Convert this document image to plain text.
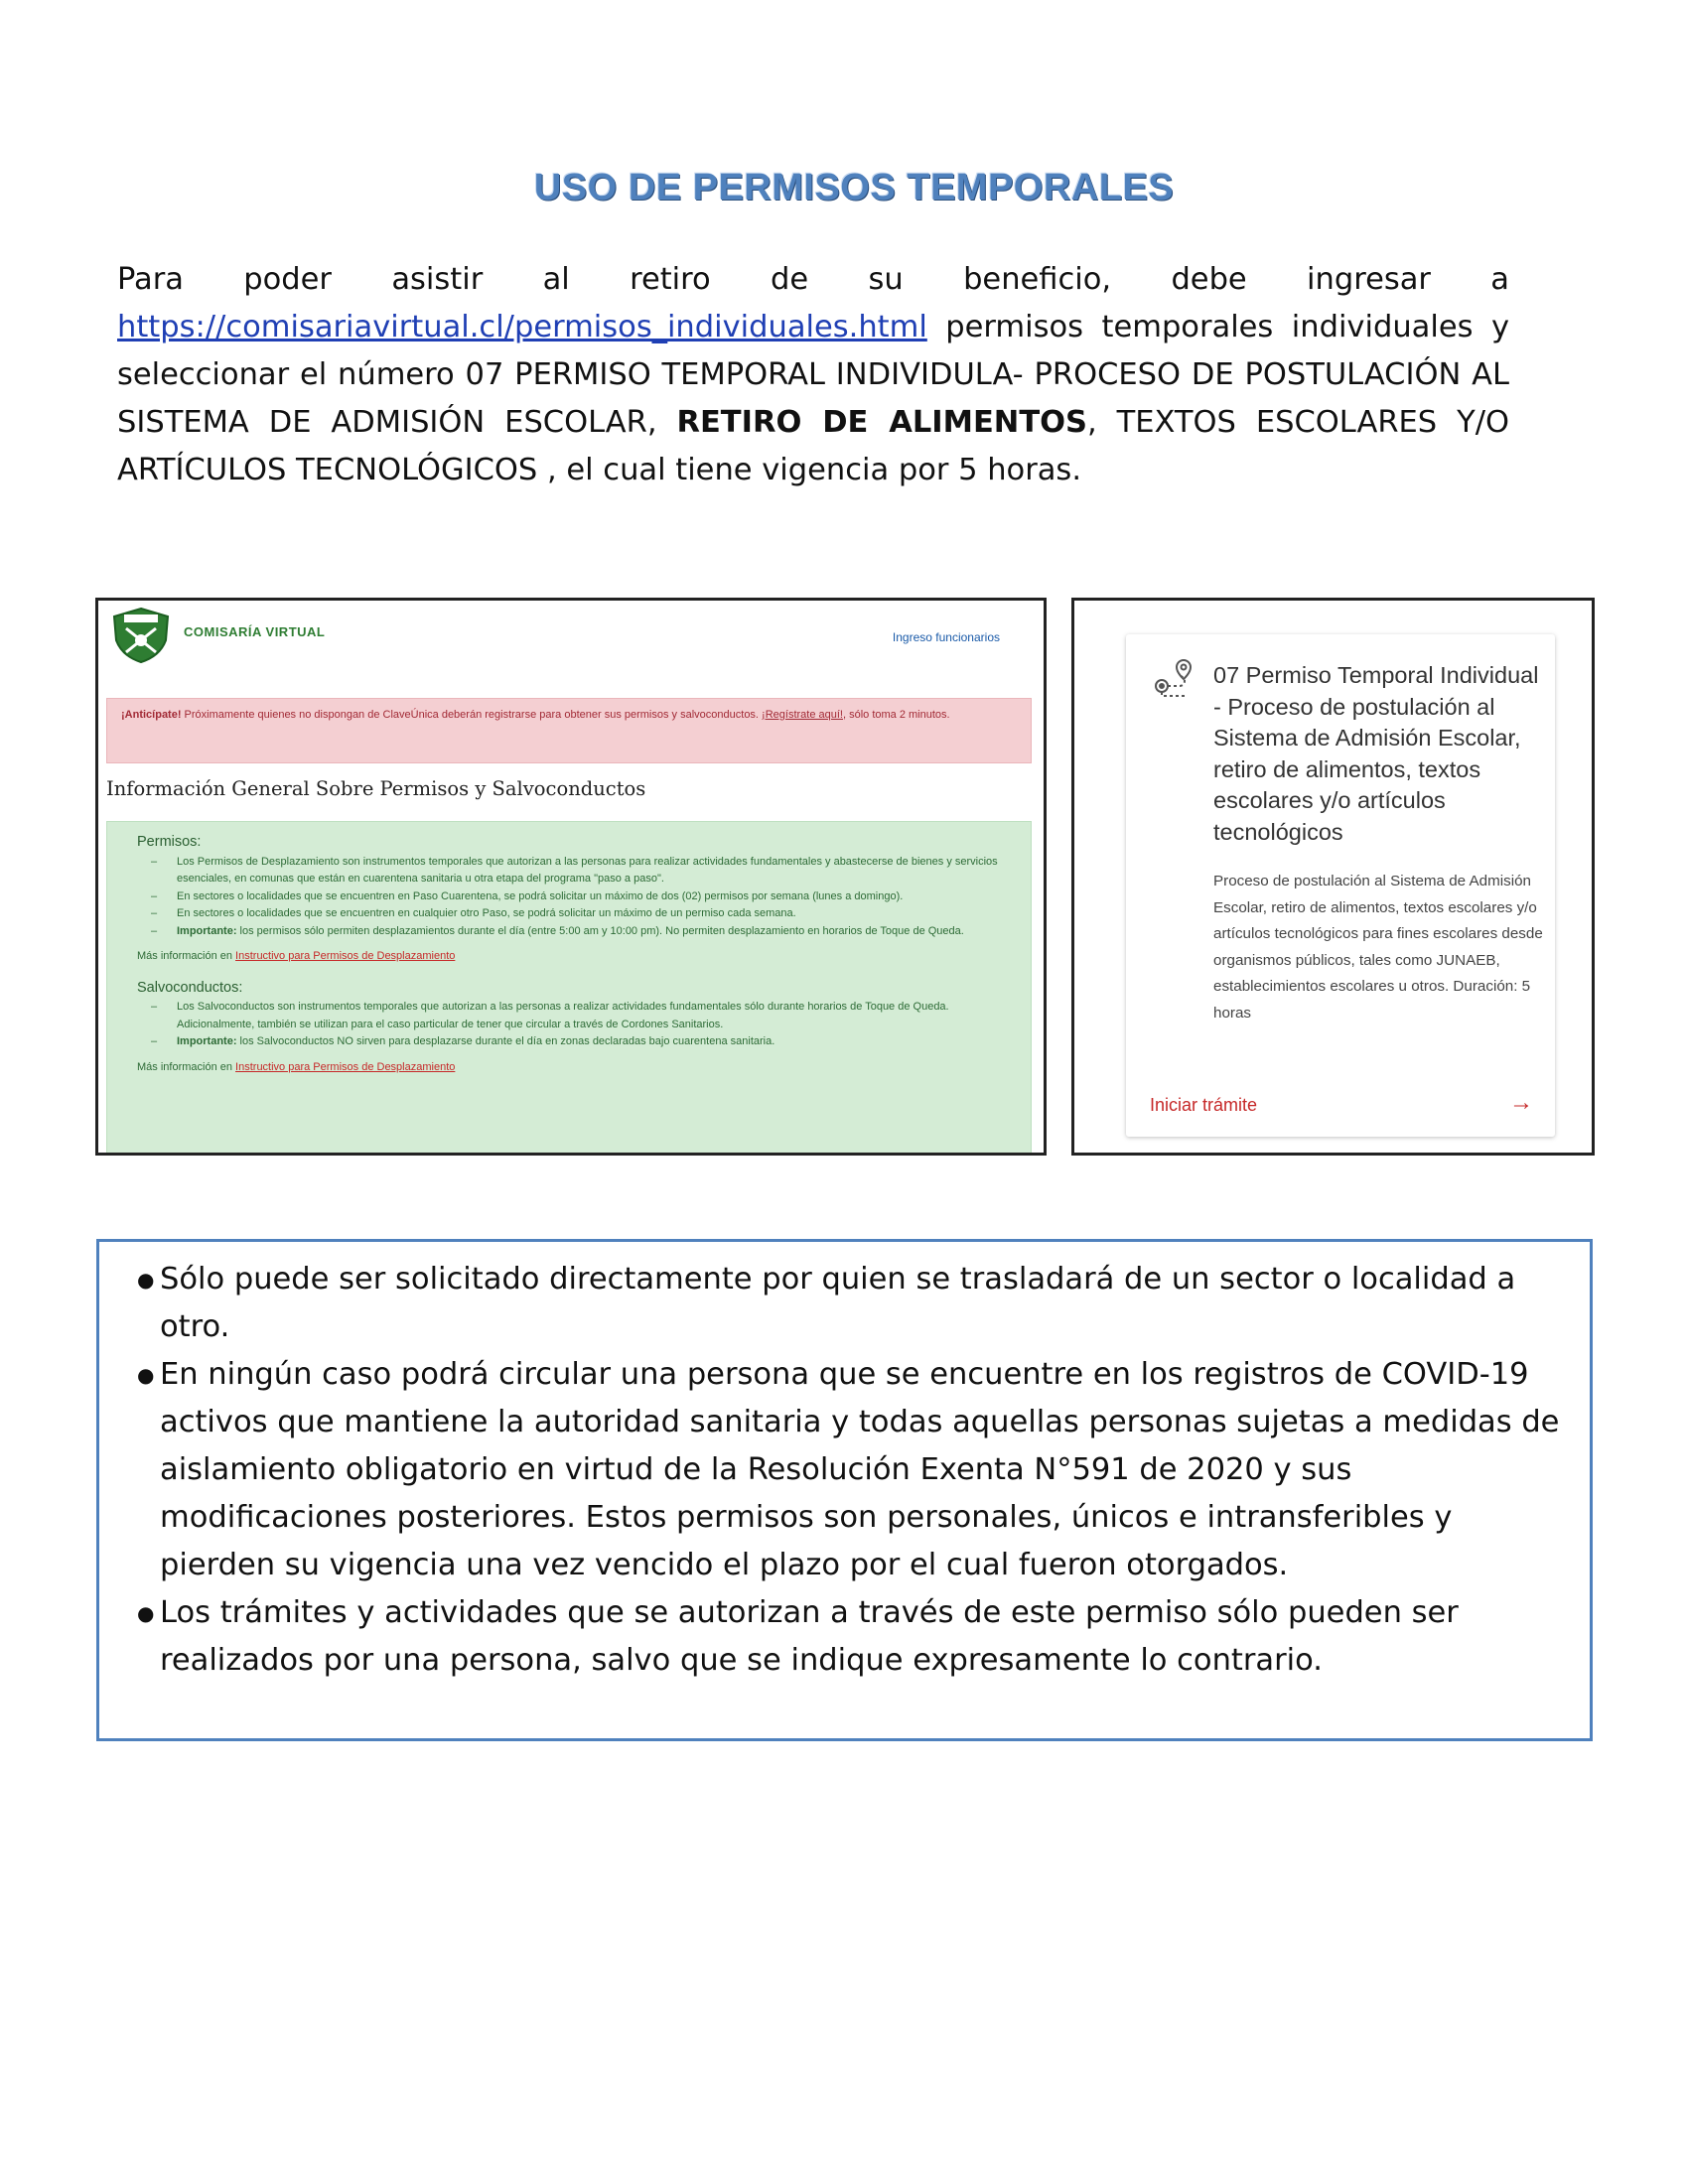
USO DE PERMISOS TEMPORALES
Para poder asistir al retiro de su beneficio, debe ingresar a https://comisariavirtual.cl/permisos_individuales.html permisos temporales individuales y seleccionar el número 07 PERMISO TEMPORAL INDIVIDULA- PROCESO DE POSTULACIÓN AL SISTEMA DE ADMISIÓN ESCOLAR, RETIRO DE ALIMENTOS, TEXTOS ESCOLARES Y/O ARTÍCULOS TECNOLÓGICOS , el cual tiene vigencia por 5 horas.
COMISARÍA VIRTUAL	Ingreso funcionarios
¡Anticípate! Próximamente quienes no dispongan de ClaveÚnica deberán registrarse para obtener sus permisos y salvoconductos. ¡Regístrate aquí!, sólo toma 2 minutos.
Información General Sobre Permisos y Salvoconductos
Permisos:
– Los Permisos de Desplazamiento son instrumentos temporales que autorizan a las personas para realizar actividades fundamentales y abastecerse de bienes y servicios esenciales, en comunas que están en cuarentena sanitaria u otra etapa del programa "paso a paso".
– En sectores o localidades que se encuentren en Paso Cuarentena, se podrá solicitar un máximo de dos (02) permisos por semana (lunes a domingo).
– En sectores o localidades que se encuentren en cualquier otro Paso, se podrá solicitar un máximo de un permiso cada semana.
– Importante: los permisos sólo permiten desplazamientos durante el día (entre 5:00 am y 10:00 pm). No permiten desplazamiento en horarios de Toque de Queda.
Más información en Instructivo para Permisos de Desplazamiento
Salvoconductos:
– Los Salvoconductos son instrumentos temporales que autorizan a las personas a realizar actividades fundamentales sólo durante horarios de Toque de Queda. Adicionalmente, también se utilizan para el caso particular de tener que circular a través de Cordones Sanitarios.
– Importante: los Salvoconductos NO sirven para desplazarse durante el día en zonas declaradas bajo cuarentena sanitaria.
Más información en Instructivo para Permisos de Desplazamiento
07 Permiso Temporal Individual - Proceso de postulación al Sistema de Admisión Escolar, retiro de alimentos, textos escolares y/o artículos tecnológicos
Proceso de postulación al Sistema de Admisión Escolar, retiro de alimentos, textos escolares y/o artículos tecnológicos para fines escolares desde organismos públicos, tales como JUNAEB, establecimientos escolares u otros. Duración: 5 horas
Iniciar trámite	→
● Sólo puede ser solicitado directamente por quien se trasladará de un sector o localidad a otro.
● En ningún caso podrá circular una persona que se encuentre en los registros de COVID-19 activos que mantiene la autoridad sanitaria y todas aquellas personas sujetas a medidas de aislamiento obligatorio en virtud de la Resolución Exenta N°591 de 2020 y sus modificaciones posteriores. Estos permisos son personales, únicos e intransferibles y pierden su vigencia una vez vencido el plazo por el cual fueron otorgados.
● Los trámites y actividades que se autorizan a través de este permiso sólo pueden ser realizados por una persona, salvo que se indique expresamente lo contrario.
